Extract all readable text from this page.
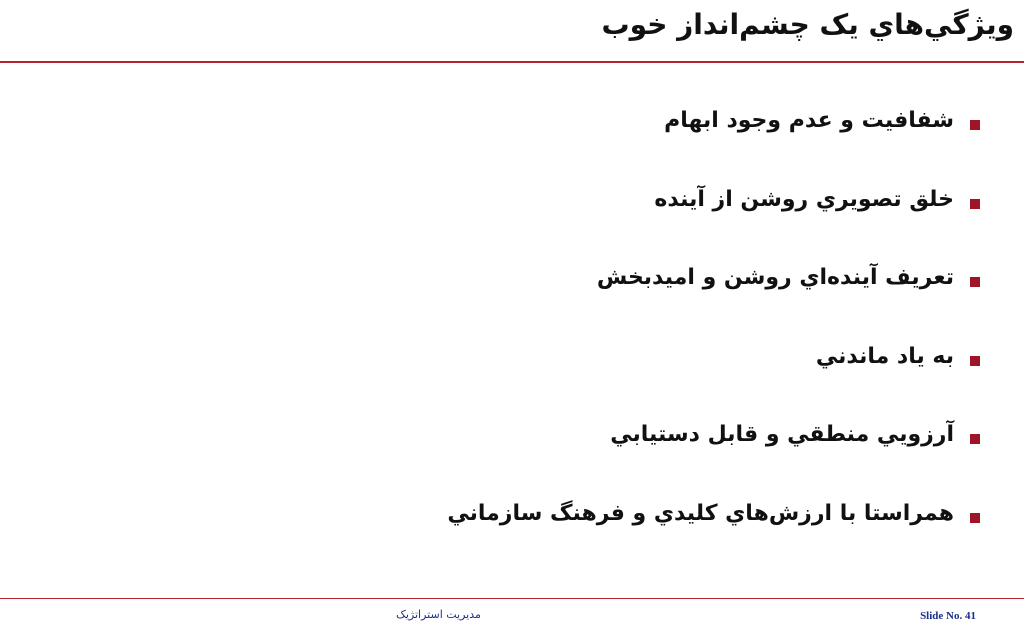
ويژگي‌هاي يک چشم‌انداز خوب
شفافيت و عدم وجود ابهام
خلق تصويري روشن از آينده
تعريف آينده‌اي روشن و اميدبخش
به ياد ماندني
آرزويي منطقي و قابل دستيابي
همراستا با ارزش‌هاي کليدي و فرهنگ سازماني
مديريت استراتژيک	Slide No. 41
